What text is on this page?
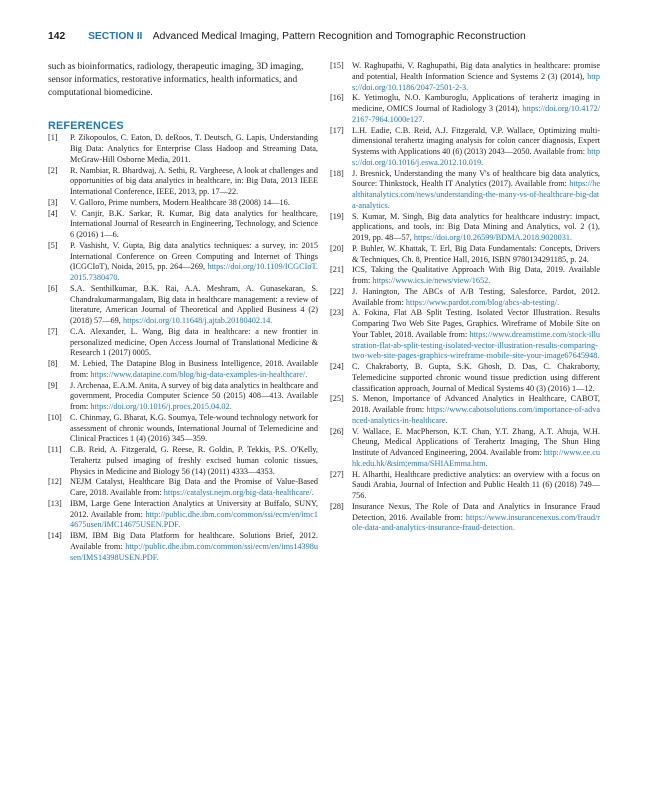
142 SECTION II Advanced Medical Imaging, Pattern Recognition and Tomographic Reconstruction

such as bioinformatics, radiology, therapeutic imaging, 3D imaging, sensor informatics, restorative informatics, health informatics, and computational biomedicine.

REFERENCES

[1] P. Zikopoulos, C. Eaton, D. deRoos, T. Deutsch, G. Lapis, Understanding Big Data: Analytics for Enterprise Class Hadoop and Streaming Data, McGraw-Hill Osborne Media, 2011.

[2] R. Nambiar, R. Bhardwaj, A. Sethi, R. Vargheese, A look at challenges and opportunities of big data analytics in healthcare, in: Big Data, 2013 IEEE International Conference, IEEE, 2013, pp. 17—22.

[3] V. Galloro, Prime numbers, Modern Healthcare 38 (2008) 14—16.

[4] V. Canjir, B.K. Sarkar, R. Kumar, Big data analytics for healthcare, International Journal of Research in Engineering, Technology, and Science 6 (2016) 1—6.

[5] P. Vashisht, V. Gupta, Big data analytics techniques: a survey, in: 2015 International Conference on Green Computing and Internet of Things (ICGCIoT), Noida, 2015, pp. 264—269, https://doi.org/10.1109/ICGCIoT.2015.7380470.

[6] S.A. Senthilkumar, B.K. Rai, A.A. Meshram, A. Gunasekaran, S. Chandrakumarmangalam, Big data in healthcare management: a review of literature, American Journal of Theoretical and Applied Business 4 (2) (2018) 57—69, https://doi.org/10.11648/j.ajtab.20180402.14.

[7] C.A. Alexander, L. Wang, Big data in healthcare: a new frontier in personalized medicine, Open Access Journal of Translational Medicine & Research 1 (2017) 0005.

[8] M. Lebied, The Datapine Blog in Business Intelligence, 2018. Available from: https://www.datapine.com/blog/big-data-examples-in-healthcare/.

[9] J. Archenaa, E.A.M. Anita, A survey of big data analytics in healthcare and government, Procedia Computer Science 50 (2015) 408—413. Available from: https://doi.org/10.1016/j.procs.2015.04.02.

[10] C. Chinmay, G. Bharat, K.G. Soumya, Tele-wound technology network for assessment of chronic wounds, International Journal of Telemedicine and Clinical Practices 1 (4) (2016) 345—359.

[11] C.B. Reid, A. Fitzgerald, G. Reese, R. Goldin, P. Tekkis, P.S. O'Kelly, Terahertz pulsed imaging of freshly excised human colonic tissues, Physics in Medicine and Biology 56 (14) (2011) 4333—4353.

[12] NEJM Catalyst, Healthcare Big Data and the Promise of Value-Based Care, 2018. Available from: https://catalyst.nejm.org/big-data-healthcare/.

[13] IBM, Large Gene Interaction Analytics at University at Buffalo, SUNY, 2012. Available from: http://public.dhe.ibm.com/common/ssi/ecm/en/imc14675usen/IMC14675USEN.PDF.

[14] IBM, IBM Big Data Platform for healthcare. Solutions Brief, 2012. Available from: http://public.dhe.ibm.com/common/ssi/ecm/en/ims14398usen/IMS14398USEN.PDF.

[15] W. Raghupathi, V. Raghupathi, Big data analytics in healthcare: promise and potential, Health Information Science and Systems 2 (3) (2014), https://doi.org/10.1186/2047-2501-2-3.

[16] K. Yetimoglu, N.O. Kamburoglu, Applications of terahertz imaging in medicine, OMICS Journal of Radiology 3 (2014), https://doi.org/10.4172/2167-7964.1000e127.

[17] L.H. Eadie, C.B. Reid, A.J. Fitzgerald, V.P. Wallace, Optimizing multi-dimensional terahertz imaging analysis for colon cancer diagnosis, Expert Systems with Applications 40 (6) (2013) 2043—2050. Available from: https://doi.org/10.1016/j.eswa.2012.10.019.

[18] J. Bresnick, Understanding the many V's of healthcare big data analytics, Source: Thinkstock, Health IT Analytics (2017). Available from: https://healthitanalytics.com/news/understanding-the-many-vs-of-healthcare-big-data-analytics.

[19] S. Kumar, M. Singh, Big data analytics for healthcare industry: impact, applications, and tools, in: Big Data Mining and Analytics, vol. 2 (1), 2019, pp. 48—57, https://doi.org/10.26599/BDMA.2018.9020031.

[20] P. Buhler, W. Khattak, T. Erl, Big Data Fundamentals: Concepts, Drivers & Techniques, Ch. 8, Prentice Hall, 2016, ISBN 9780134291185, p. 24.

[21] ICS, Taking the Qualitative Approach With Big Data, 2019. Available from: https://www.ics.ie/news/view/1652.

[22] J. Hanington, The ABCs of A/B Testing, Salesforce, Pardot, 2012. Available from: https://www.pardot.com/blog/abcs-ab-testing/.

[23] A. Fokina, Flat AB Split Testing. Isolated Vector Illustration. Results Comparing Two Web Site Pages, Graphics. Wireframe of Mobile Site on Your Tablet, 2018. Available from: https://www.dreamstime.com/stock-illustration-flat-ab-split-testing-isolated-vector-illustration-results-comparing-two-web-site-pages-graphics-wireframe-mobile-site-your-image67645948.

[24] C. Chakraborty, B. Gupta, S.K. Ghosh, D. Das, C. Chakraborty, Telemedicine supported chronic wound tissue prediction using different classification approach, Journal of Medical Systems 40 (3) (2016) 1—12.

[25] S. Menon, Importance of Advanced Analytics in Healthcare, CABOT, 2018. Available from: https://www.cabotsolutions.com/importance-of-advanced-analytics-in-healthcare.

[26] V. Wallace, E. MacPherson, K.T. Chan, Y.T. Zhang, A.T. Ahuja, W.H. Cheung, Medical Applications of Terahertz Imaging, The Shun Hing Institute of Advanced Engineering, 2004. Available from: http://www.ee.cuhk.edu.hk/&sim;emma/SHIAEmma.htm.

[27] H. Alharthi, Healthcare predictive analytics: an overview with a focus on Saudi Arabia, Journal of Infection and Public Health 11 (6) (2018) 749—756.

[28] Insurance Nexus, The Role of Data and Analytics in Insurance Fraud Detection, 2016. Available from: https://www.insurancenexus.com/fraud/role-data-and-analytics-insurance-fraud-detection.
